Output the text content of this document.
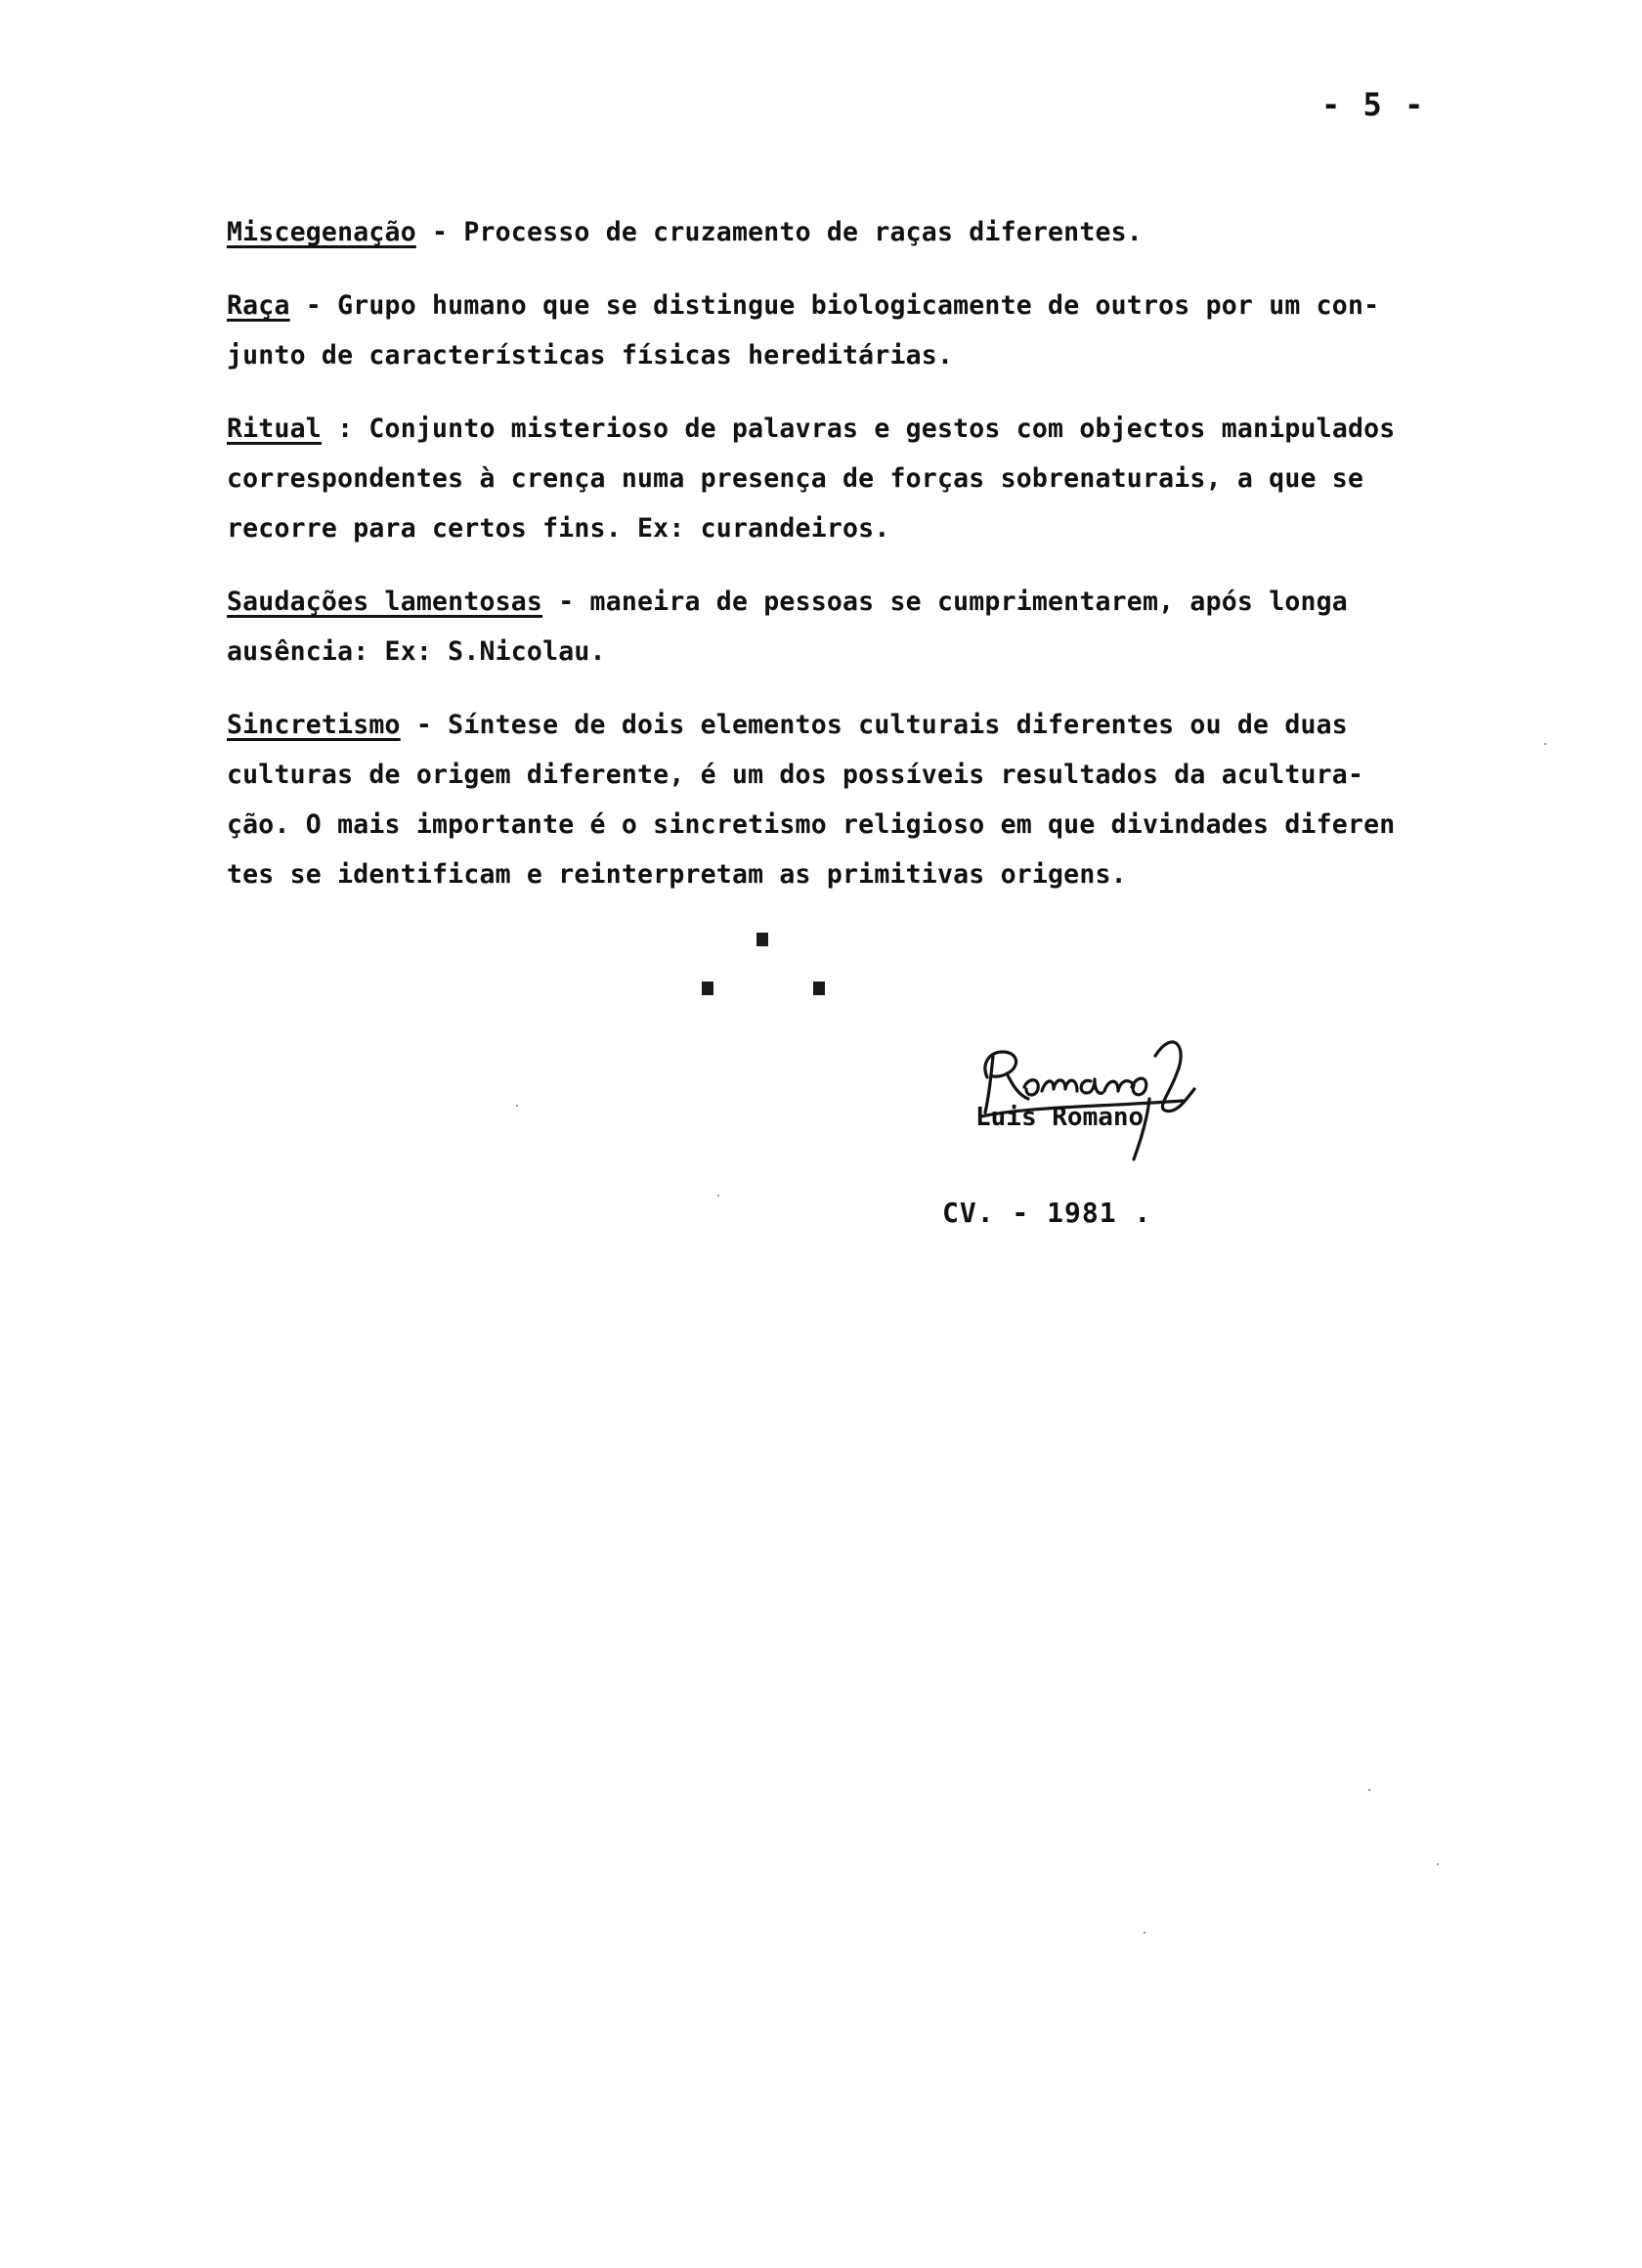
- 5 -
Miscegenação - Processo de cruzamento de raças diferentes.
Raça - Grupo humano que se distingue biologicamente de outros por um con-
junto de características físicas hereditárias.
Ritual : Conjunto misterioso de palavras e gestos com objectos manipulados
correspondentes à crença numa presença de forças sobrenaturais, a que se
recorre para certos fins. Ex: curandeiros.
Saudações lamentosas - maneira de pessoas se cumprimentarem, após longa
ausência: Ex: S.Nicolau.
Sincretismo - Síntese de dois elementos culturais diferentes ou de duas
culturas de origem diferente, é um dos possíveis resultados da acultura-
ção. O mais importante é o sincretismo religioso em que divindades diferen
tes se identificam e reinterpretam as primitivas origens.
Luis Romano
CV. - 1981 .
